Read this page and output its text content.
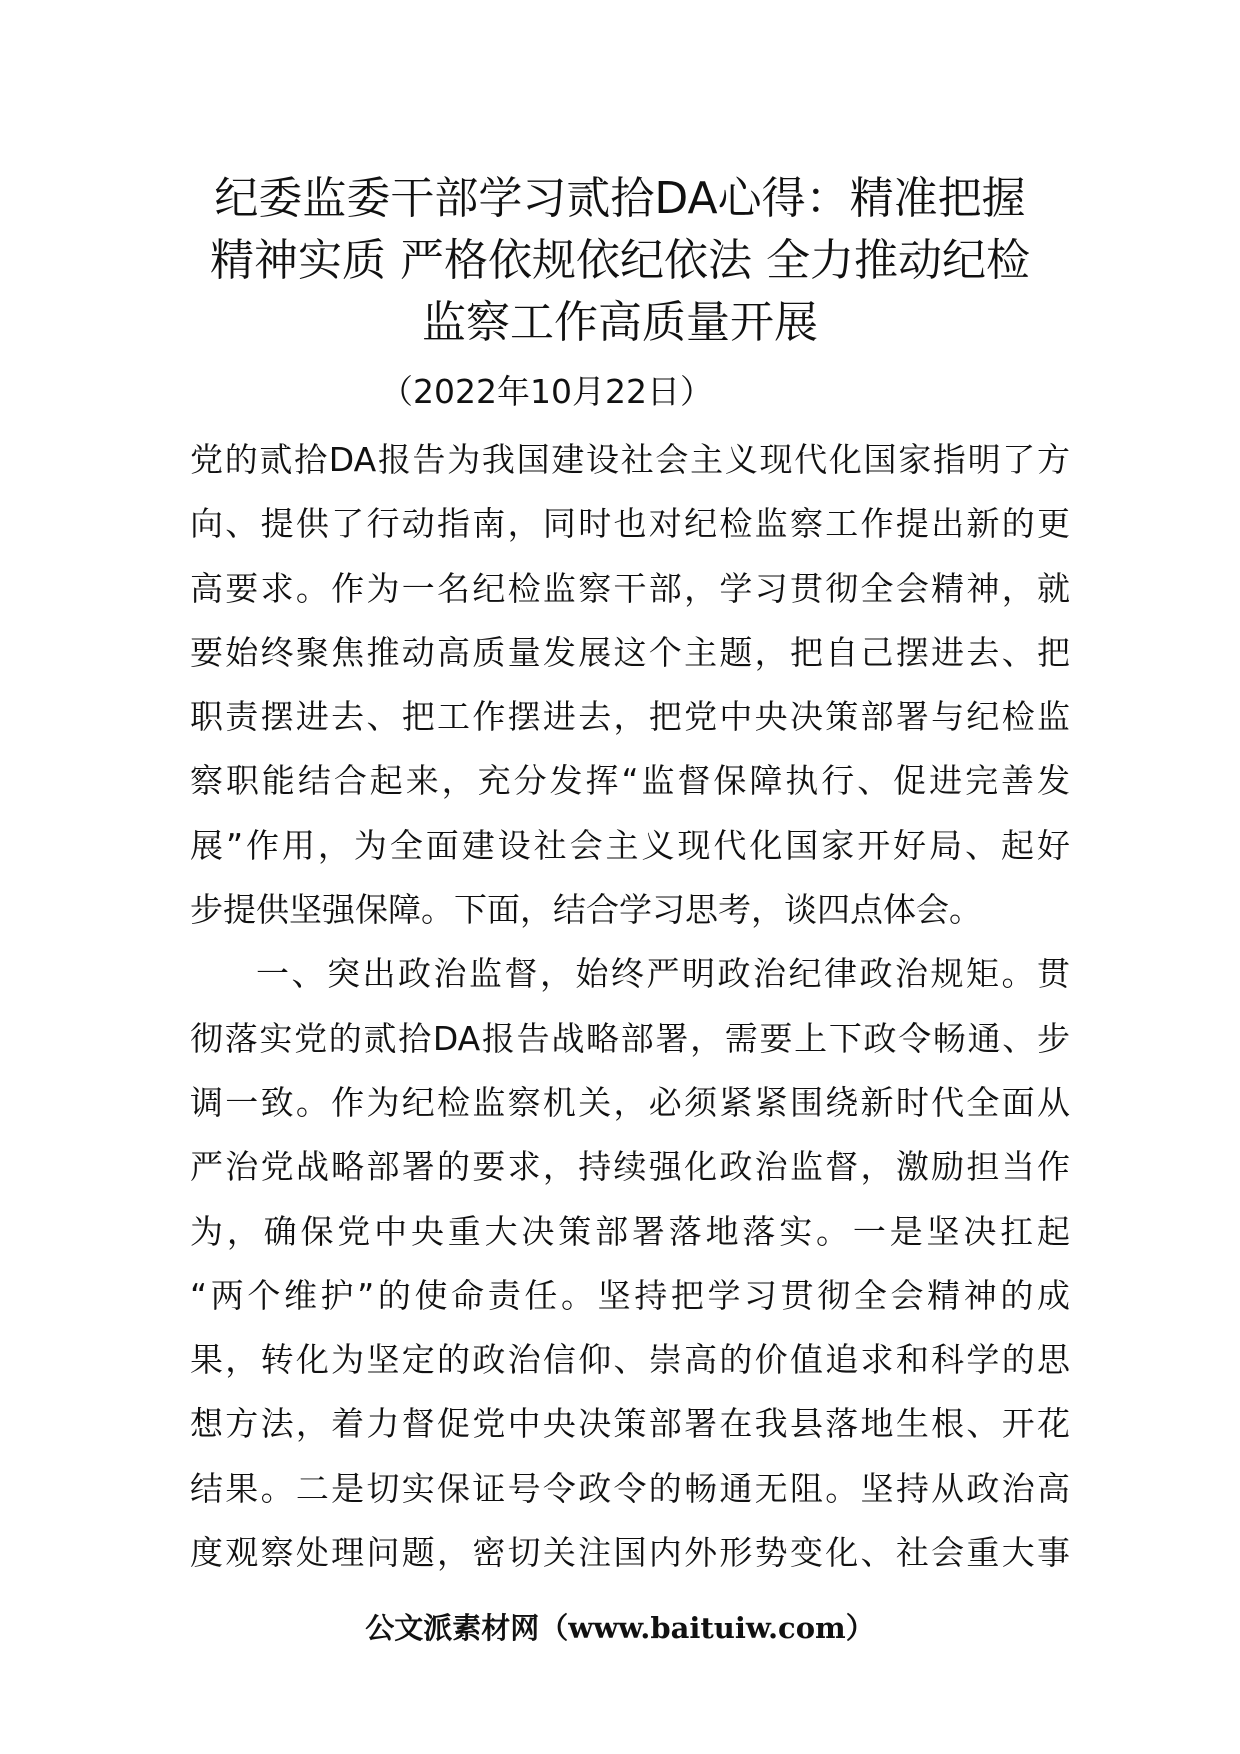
纪委监委干部学习贰拾DA心得：精准把握
精神实质 严格依规依纪依法 全力推动纪检
监察工作高质量开展
（2022年10月22日）
党的贰拾DA报告为我国建设社会主义现代化国家指明了方
向、提供了行动指南，同时也对纪检监察工作提出新的更
高要求。作为一名纪检监察干部，学习贯彻全会精神，就
要始终聚焦推动高质量发展这个主题，把自己摆进去、把
职责摆进去、把工作摆进去，把党中央决策部署与纪检监
察职能结合起来，充分发挥“监督保障执行、促进完善发
展”作用，为全面建设社会主义现代化国家开好局、起好
步提供坚强保障。下面，结合学习思考，谈四点体会。
一、突出政治监督，始终严明政治纪律政治规矩。贯
彻落实党的贰拾DA报告战略部署，需要上下政令畅通、步
调一致。作为纪检监察机关，必须紧紧围绕新时代全面从
严治党战略部署的要求，持续强化政治监督，激励担当作
为，确保党中央重大决策部署落地落实。一是坚决扛起
“两个维护”的使命责任。坚持把学习贯彻全会精神的成
果，转化为坚定的政治信仰、崇高的价值追求和科学的思
想方法，着力督促党中央决策部署在我县落地生根、开花
结果。二是切实保证号令政令的畅通无阻。坚持从政治高
度观察处理问题，密切关注国内外形势变化、社会重大事
公文派素材网（www.baituiw.com）
